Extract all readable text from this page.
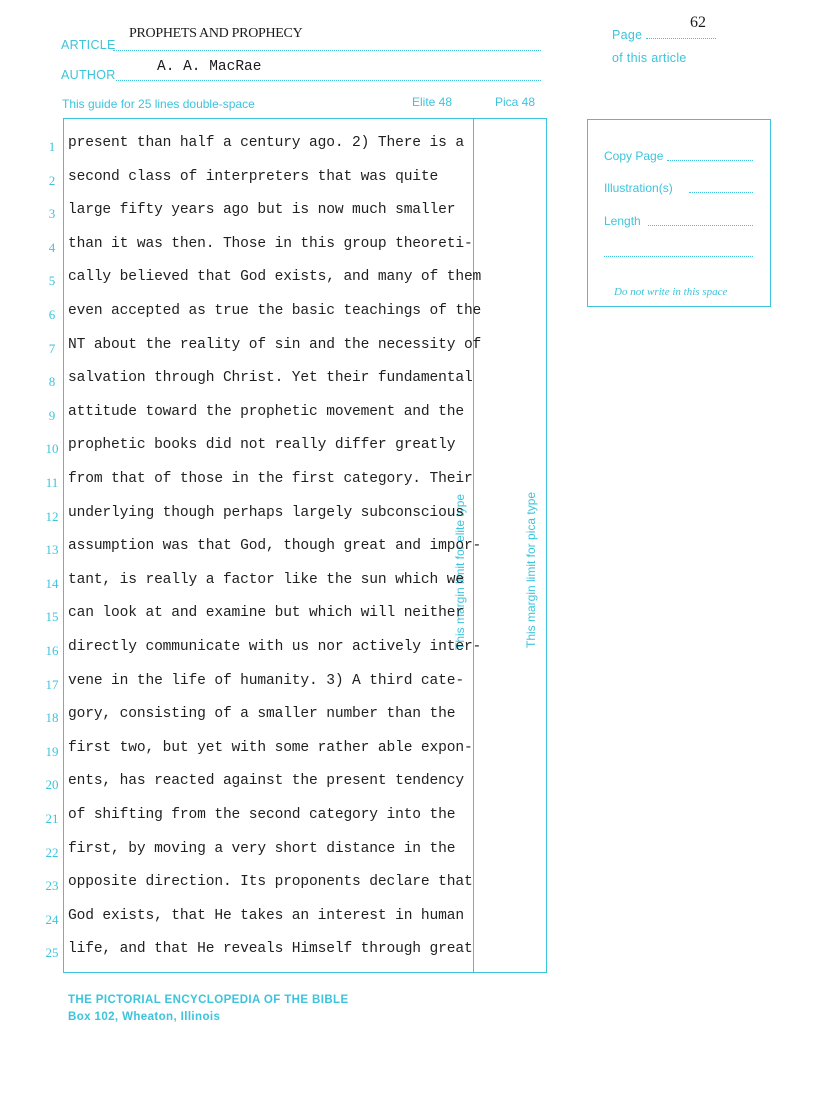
ARTICLE
PROPHETS AND PROPHECY
AUTHOR	A. A. MacRae
Page
62
of this article
This guide for 25 lines double-space	Elite 48	Pica 48
This margin limit for elite type	This margin limit for pica type
1 present than half a century ago. 2) There is a
2 second class of interpreters that was quite
3 large fifty years ago but is now much smaller
4 than it was then. Those in this group theoreti-
5 cally believed that God exists, and many of them
6 even accepted as true the basic teachings of the
7 NT about the reality of sin and the necessity of
8 salvation through Christ. Yet their fundamental
9 attitude toward the prophetic movement and the
10 prophetic books did not really differ greatly
11 from that of those in the first category. Their
12 underlying though perhaps largely subconscious
13 assumption was that God, though great and impor-
14 tant, is really a factor like the sun which we
15 can look at and examine but which will neither
16 directly communicate with us nor actively inter-
17 vene in the life of humanity. 3) A third cate-
18 gory, consisting of a smaller number than the
19 first two, but yet with some rather able expon-
20 ents, has reacted against the present tendency
21 of shifting from the second category into the
22 first, by moving a very short distance in the
23 opposite direction. Its proponents declare that
24 God exists, that He takes an interest in human
25 life, and that He reveals Himself through great
Copy Page
Illustration(s)
Length
Do not write in this space
THE PICTORIAL ENCYCLOPEDIA OF THE BIBLE
Box 102, Wheaton, Illinois
